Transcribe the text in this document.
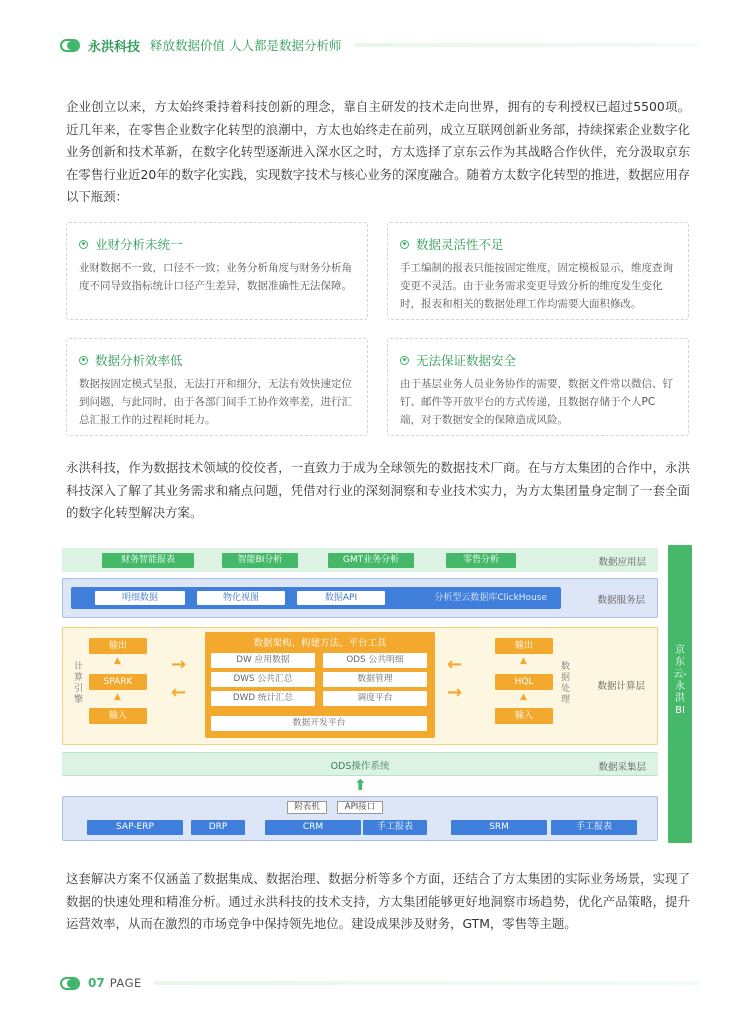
永洪科技 释放数据价值 人人都是数据分析师

企业创立以来，方太始终秉持着科技创新的理念，靠自主研发的技术走向世界，拥有的专利授权已超过5500项。近几年来，在零售企业数字化转型的浪潮中，方太也始终走在前列，成立互联网创新业务部，持续探索企业数字化业务创新和技术革新，在数字化转型逐渐进入深水区之时，方太选择了京东云作为其战略合作伙伴，充分汲取京东在零售行业近20年的数字化实践，实现数字技术与核心业务的深度融合。随着方太数字化转型的推进，数据应用存以下瓶颈：

业财分析未统一
业财数据不一致，口径不一致；业务分析角度与财务分析角度不同导致指标统计口径产生差异，数据准确性无法保障。
数据灵活性不足
手工编制的报表只能按固定维度，固定模板显示，维度查询变更不灵活。由于业务需求变更导致分析的维度发生变化时，报表和相关的数据处理工作均需要大面积修改。
数据分析效率低
数据按固定模式呈报，无法打开和细分，无法有效快速定位到问题，与此同时，由于各部门间手工协作效率差，进行汇总汇报工作的过程耗时耗力。
无法保证数据安全
由于基层业务人员业务协作的需要，数据文件常以微信、钉钉、邮件等开放平台的方式传递，且数据存储于个人PC端，对于数据安全的保障造成风险。

永洪科技，作为数据技术领域的佼佼者，一直致力于成为全球领先的数据技术厂商。在与方太集团的合作中，永洪科技深入了解了其业务需求和痛点问题，凭借对行业的深刻洞察和专业技术实力，为方太集团量身定制了一套全面的数字化转型解决方案。

财务智能报表	智能BI分析	GMT业务分析	零售分析	数据应用层
明细数据	物化视图	数据API	分析型云数据库ClickHouse	数据服务层
计算引擎
输出
▲
SPARK
▲
输入
→
←
数据架构、构建方法、平台工具
DW 应用数据	ODS 公共明细
DWS 公共汇总	数据管理
DWD 统计汇总	调度平台
数据开发平台
←
→
输出
▲
HQL
▲
输入
数据处理
数据计算层
ODS操作系统	数据采集层
⬆
附表机	API接口
SAP-ERP	DRP	CRM	手工报表	SRM	手工报表
京东云-永洪BI

这套解决方案不仅涵盖了数据集成、数据治理、数据分析等多个方面，还结合了方太集团的实际业务场景，实现了数据的快速处理和精准分析。通过永洪科技的技术支持，方太集团能够更好地洞察市场趋势，优化产品策略，提升运营效率，从而在激烈的市场竞争中保持领先地位。建设成果涉及财务，GTM，零售等主题。

07 PAGE
